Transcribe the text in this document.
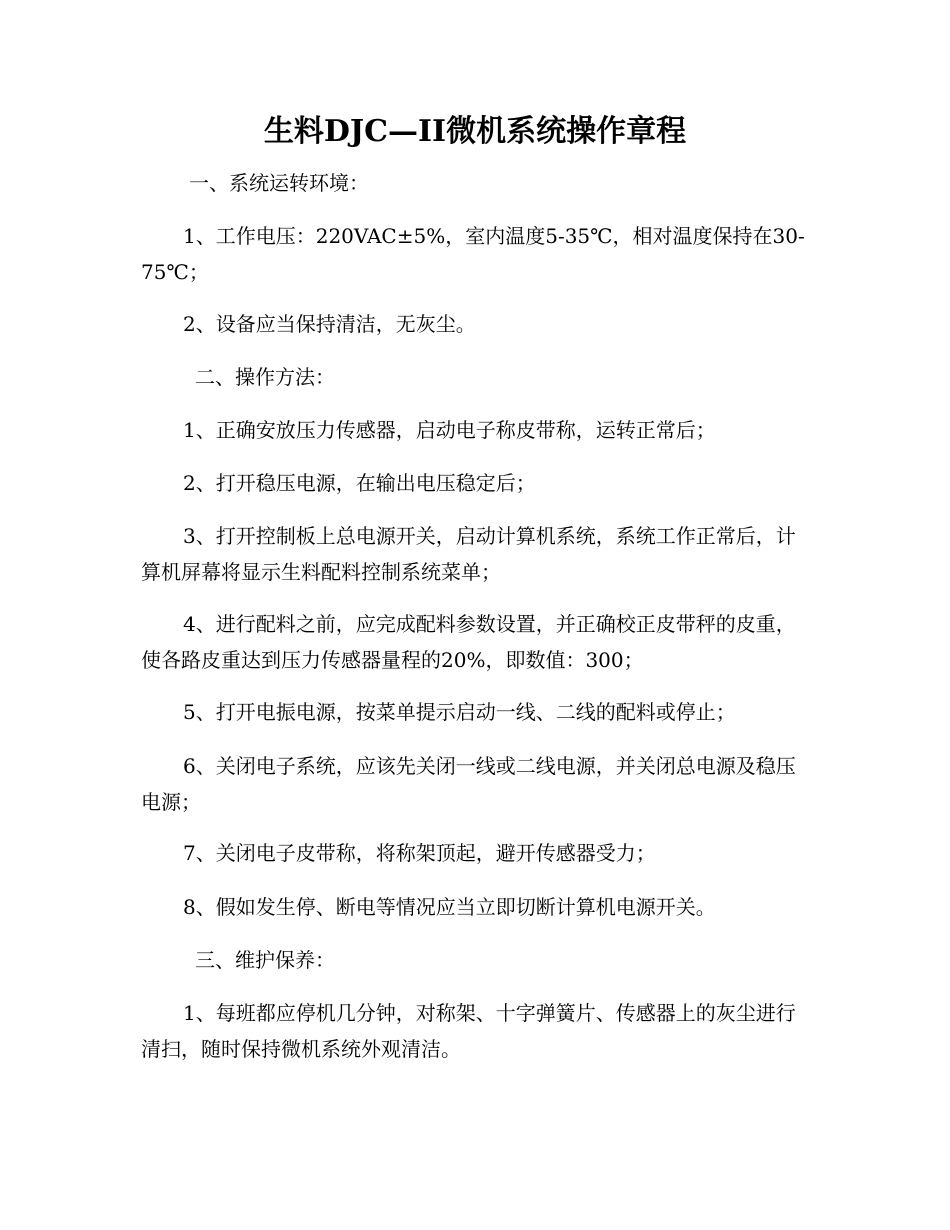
生料DJC—II微机系统操作章程

一、系统运转环境：

1、工作电压：220VAC±5%，室内温度5-35℃，相对温度保持在30-75℃；

2、设备应当保持清洁，无灰尘。

二、操作方法：

1、正确安放压力传感器，启动电子称皮带称，运转正常后；

2、打开稳压电源，在输出电压稳定后；

3、打开控制板上总电源开关，启动计算机系统，系统工作正常后，计算机屏幕将显示生料配料控制系统菜单；

4、进行配料之前，应完成配料参数设置，并正确校正皮带秤的皮重，使各路皮重达到压力传感器量程的20%，即数值：300；

5、打开电振电源，按菜单提示启动一线、二线的配料或停止；

6、关闭电子系统，应该先关闭一线或二线电源，并关闭总电源及稳压电源；

7、关闭电子皮带称，将称架顶起，避开传感器受力；

8、假如发生停、断电等情况应当立即切断计算机电源开关。

三、维护保养：

1、每班都应停机几分钟，对称架、十字弹簧片、传感器上的灰尘进行清扫，随时保持微机系统外观清洁。
